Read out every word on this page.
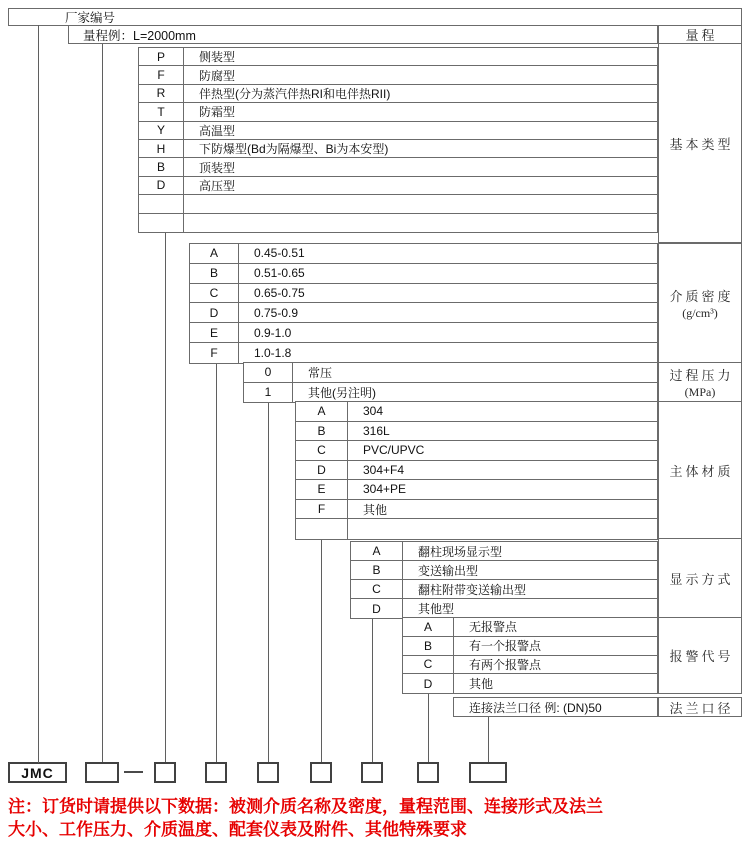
厂家编号
量程例：L=2000mm	量程
连接法兰口径 例: (DN)50	法兰口径
JMC
注：订货时请提供以下数据：被测介质名称及密度，量程范围、连接形式及法兰
大小、工作压力、介质温度、配套仪表及附件、其他特殊要求
P	侧装型
F	防腐型
R	伴热型(分为蒸汽伴热RI和电伴热RII)
T	防霜型
Y	高温型
H	下防爆型(Bd为隔爆型、Bi为本安型)
B	顶装型
D	高压型
基本类型
A	0.45-0.51
B	0.51-0.65
C	0.65-0.75
D	0.75-0.9
E	0.9-1.0
F	1.0-1.8
介质密度
(g/cm³)
0	常压
1	其他(另注明)
过程压力
(MPa)
A	304
B	316L
C	PVC/UPVC
D	304+F4
E	304+PE
F	其他
主体材质
A	翻柱现场显示型
B	变送输出型
C	翻柱附带变送输出型
D	其他型
显示方式
A	无报警点
B	有一个报警点
C	有两个报警点
D	其他
报警代号
